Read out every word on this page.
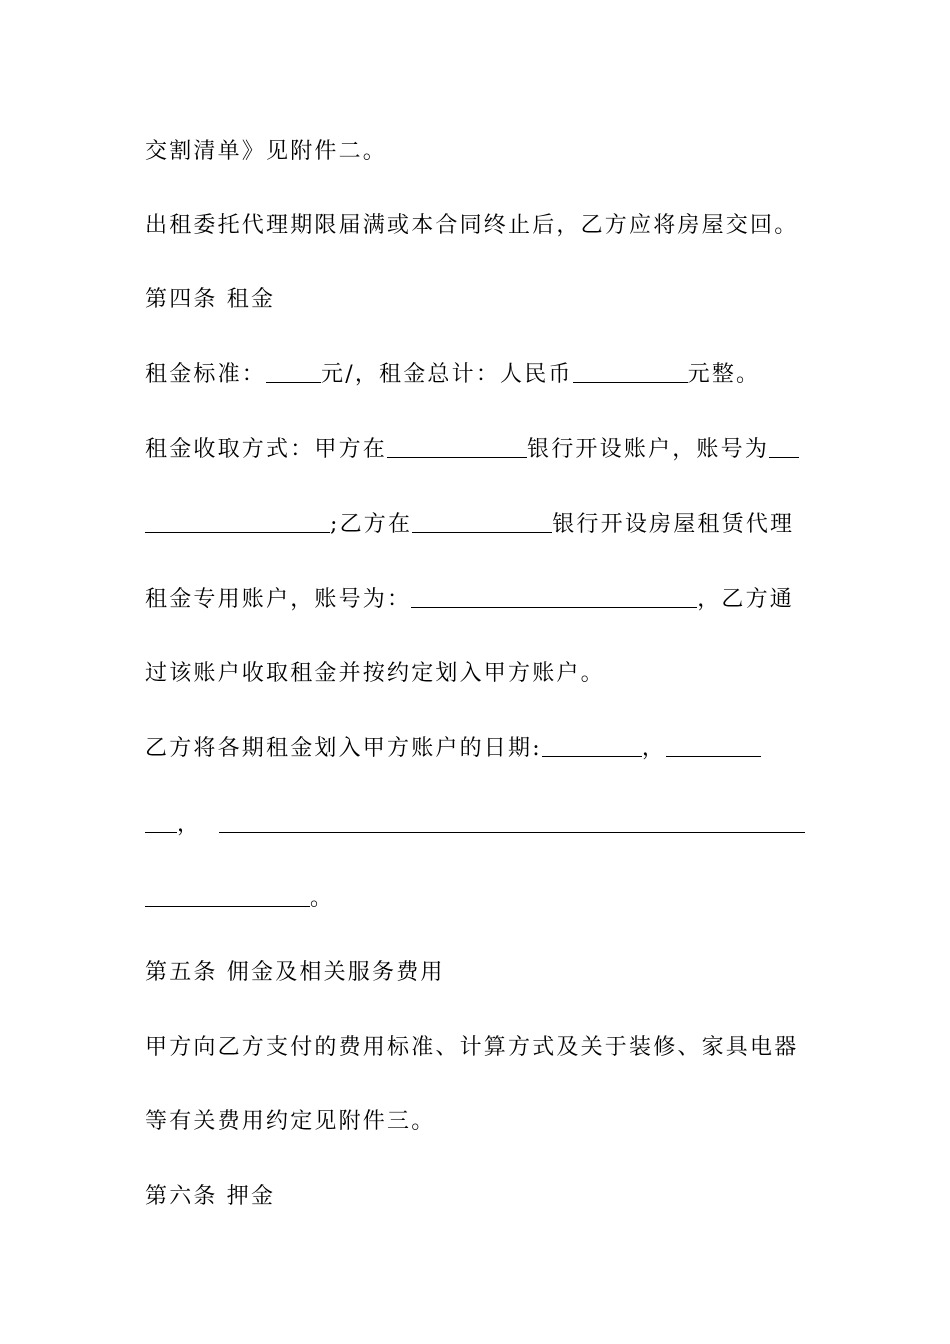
交割清单》见附件二。
出租委托代理期限届满或本合同终止后，乙方应将房屋交回。
第四条 租金
租金标准：	元/，租金总计：人民币	元整。
租金收取方式：甲方在	银行开设账户，账号为
;乙方在	银行开设房屋租赁代理
租金专用账户，账号为：	，乙方通
过该账户收取租金并按约定划入甲方账户。
乙方将各期租金划入甲方账户的日期:	，
，
。
第五条 佣金及相关服务费用
甲方向乙方支付的费用标准、计算方式及关于装修、家具电器
等有关费用约定见附件三。
第六条 押金
